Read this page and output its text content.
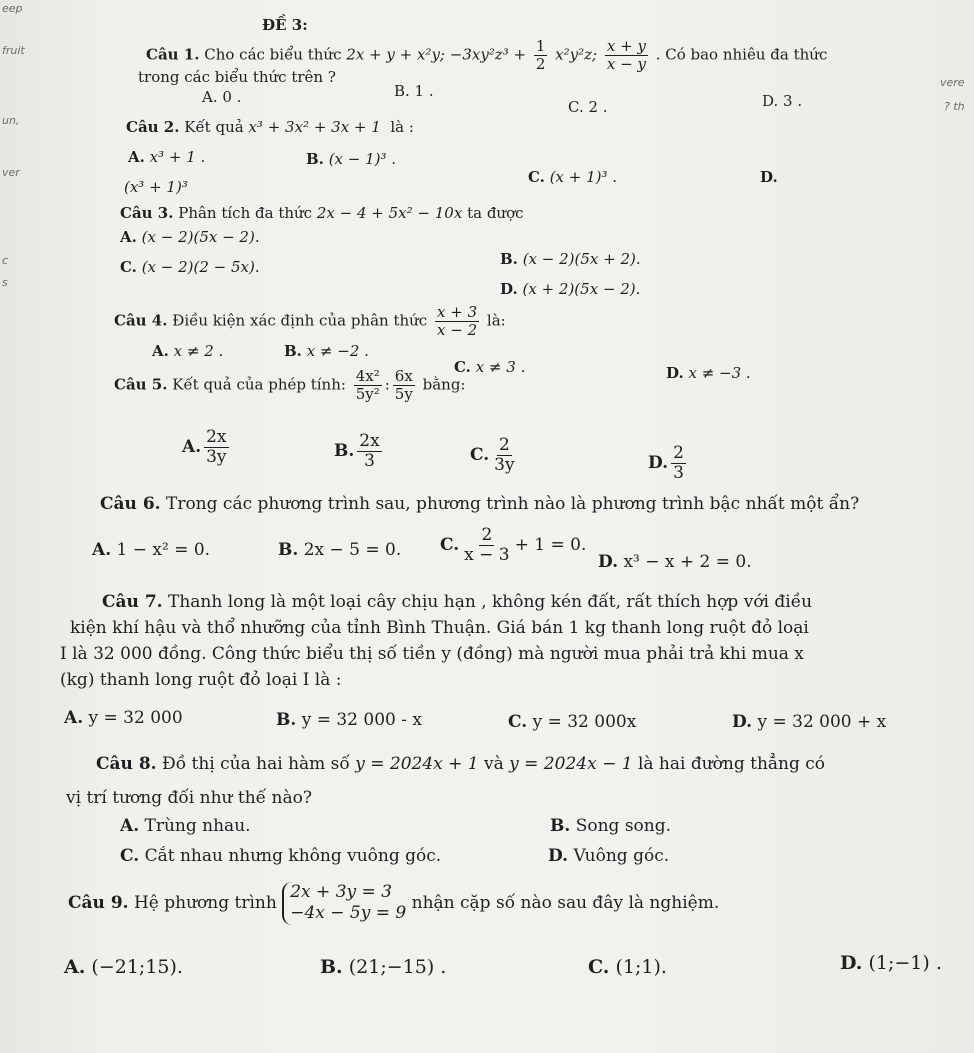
eep
fruit
un,
ver
c
s
vere
? th
ĐỀ 3:
Câu 1. Cho các biểu thức 2x + y + x²y; $-3xy^2z^3 + \frac{1}{2} x^2y^2z$; $\frac{x + y}{x - y}$ . Có bao nhiêu đa thức
trong các biểu thức trên ?
A. 0 .	B. 1 .
C. 2 .	D. 3 .
Câu 2. Kết quả x³ + 3x² + 3x + 1 là :
A. x³ + 1 .	B. (x − 1)³ .
C. (x + 1)³ .	D.
(x³ + 1)³
Câu 3. Phân tích đa thức 2x − 4 + 5x² − 10x ta được
A. (x − 2)(5x − 2).
B. (x − 2)(5x + 2).
C. (x − 2)(2 − 5x).
D. (x + 2)(5x − 2).
Câu 4. Điều kiện xác định của phân thức $\frac{x + 3}{x - 2}$ là:
A. x ≠ 2 .	B. x ≠ −2 .
C. x ≠ 3 .	D. x ≠ −3 .
Câu 5. Kết quả của phép tính: $\frac{\text{4x²}}{\text{5y²}}$ : $\frac{6x}{5y}$ bằng:
A. $\frac{2x}{3y}$	B. $\frac{2x}{3}$	C. $\frac{2}{3y}$	D. $\frac{2}{3}$
Câu 6. Trong các phương trình sau, phương trình nào là phương trình bậc nhất một ẩn?
A. 1 − x² = 0.	B. 2x − 5 = 0. C. $\frac{2}{x - 3} + 1 = 0$.
D. x³ − x + 2 = 0.
Câu 7. Thanh long là một loại cây chịu hạn , không kén đất, rất thích hợp với điều
kiện khí hậu và thổ nhưỡng của tỉnh Bình Thuận. Giá bán 1 kg thanh long ruột đỏ loại
I là 32 000 đồng. Công thức biểu thị số tiền y (đồng) mà người mua phải trả khi mua x
(kg) thanh long ruột đỏ loại I là :
A. y = 32 000	B. y = 32 000 - x	C. y = 32 000x	D. y = 32 000 + x
Câu 8. Đồ thị của hai hàm số y = 2024x + 1 và y = 2024x − 1 là hai đường thẳng có
vị trí tương đối như thế nào?
A. Trùng nhau.	B. Song song.
C. Cắt nhau nhưng không vuông góc.	D. Vuông góc.
Câu 9. Hệ phương trình
2x + 3y = 3
−4x − 5y = 9
nhận cặp số nào sau đây là nghiệm.
A. (−21;15).	B. (21;−15) .	C. (1;1).	D. (1;−1) .
